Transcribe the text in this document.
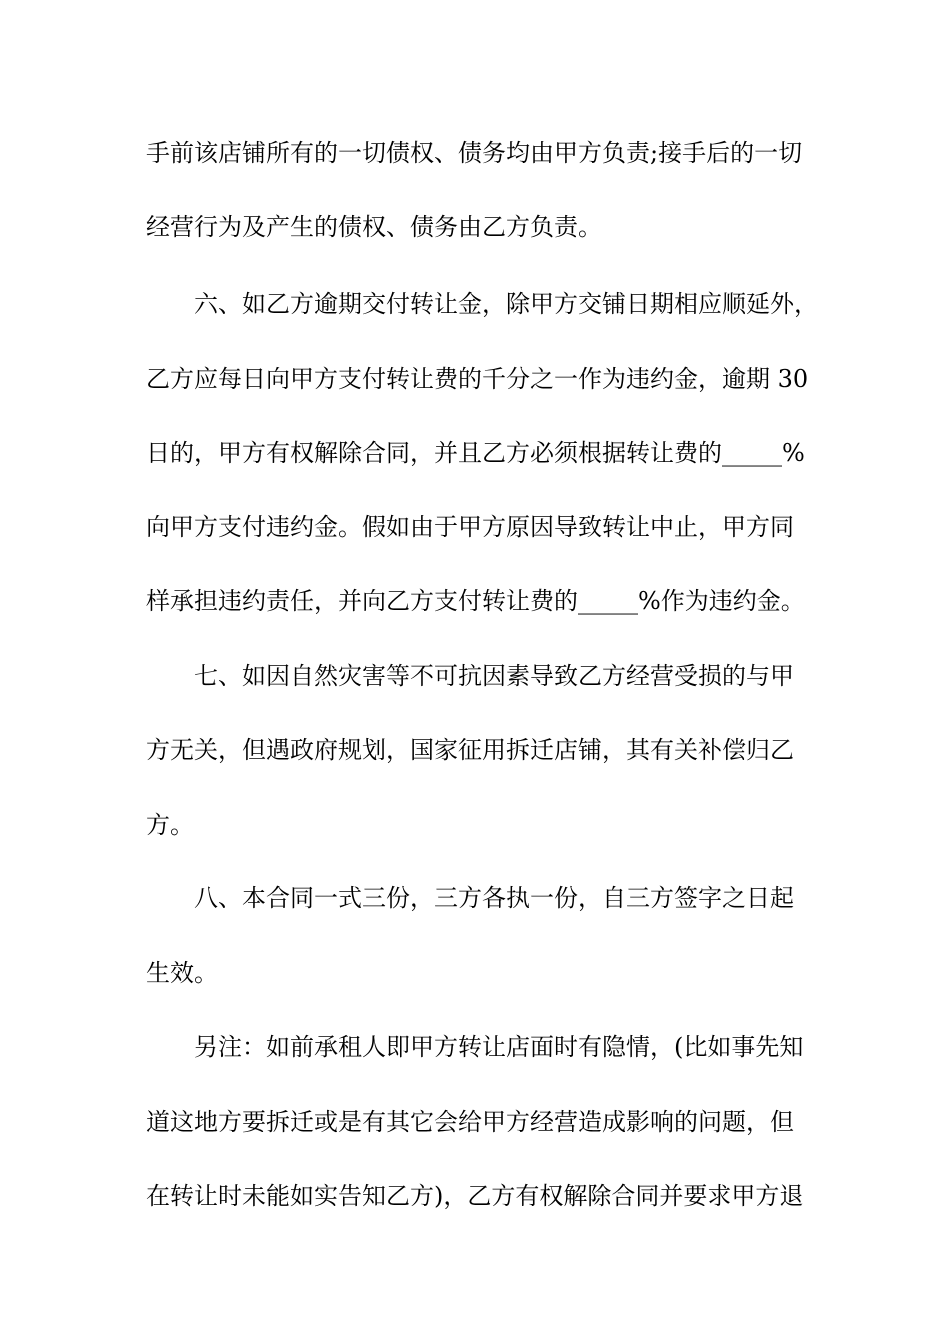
手前该店铺所有的一切债权、债务均由甲方负责;接手后的一切
经营行为及产生的债权、债务由乙方负责。
六、如乙方逾期交付转让金，除甲方交铺日期相应顺延外，
乙方应每日向甲方支付转让费的千分之一作为违约金，逾期 30
日的，甲方有权解除合同，并且乙方必须根据转让费的_____%
向甲方支付违约金。假如由于甲方原因导致转让中止，甲方同
样承担违约责任，并向乙方支付转让费的_____%作为违约金。
七、如因自然灾害等不可抗因素导致乙方经营受损的与甲
方无关，但遇政府规划，国家征用拆迁店铺，其有关补偿归乙
方。
八、本合同一式三份，三方各执一份，自三方签字之日起
生效。
另注：如前承租人即甲方转让店面时有隐情，(比如事先知
道这地方要拆迁或是有其它会给甲方经营造成影响的问题，但
在转让时未能如实告知乙方)，乙方有权解除合同并要求甲方退
